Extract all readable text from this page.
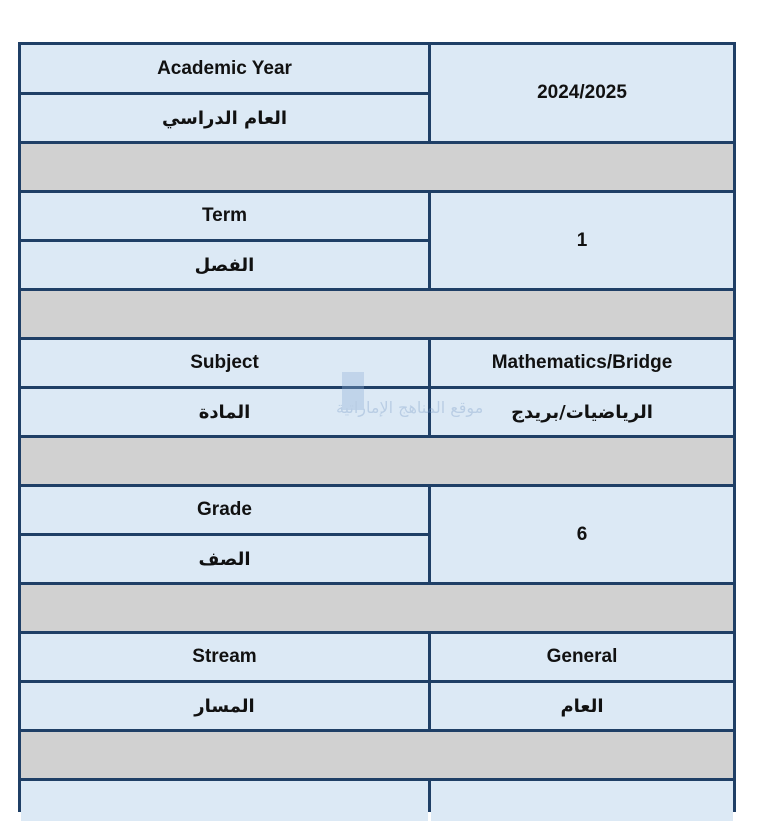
Academic Year
العام الدراسي
2024/2025
Term
الفصل
1
Subject
المادة
Mathematics/Bridge
الرياضيات/بريدج
Grade
الصف
6
Stream
المسار
General
العام
موقع المناهج الإماراتية
